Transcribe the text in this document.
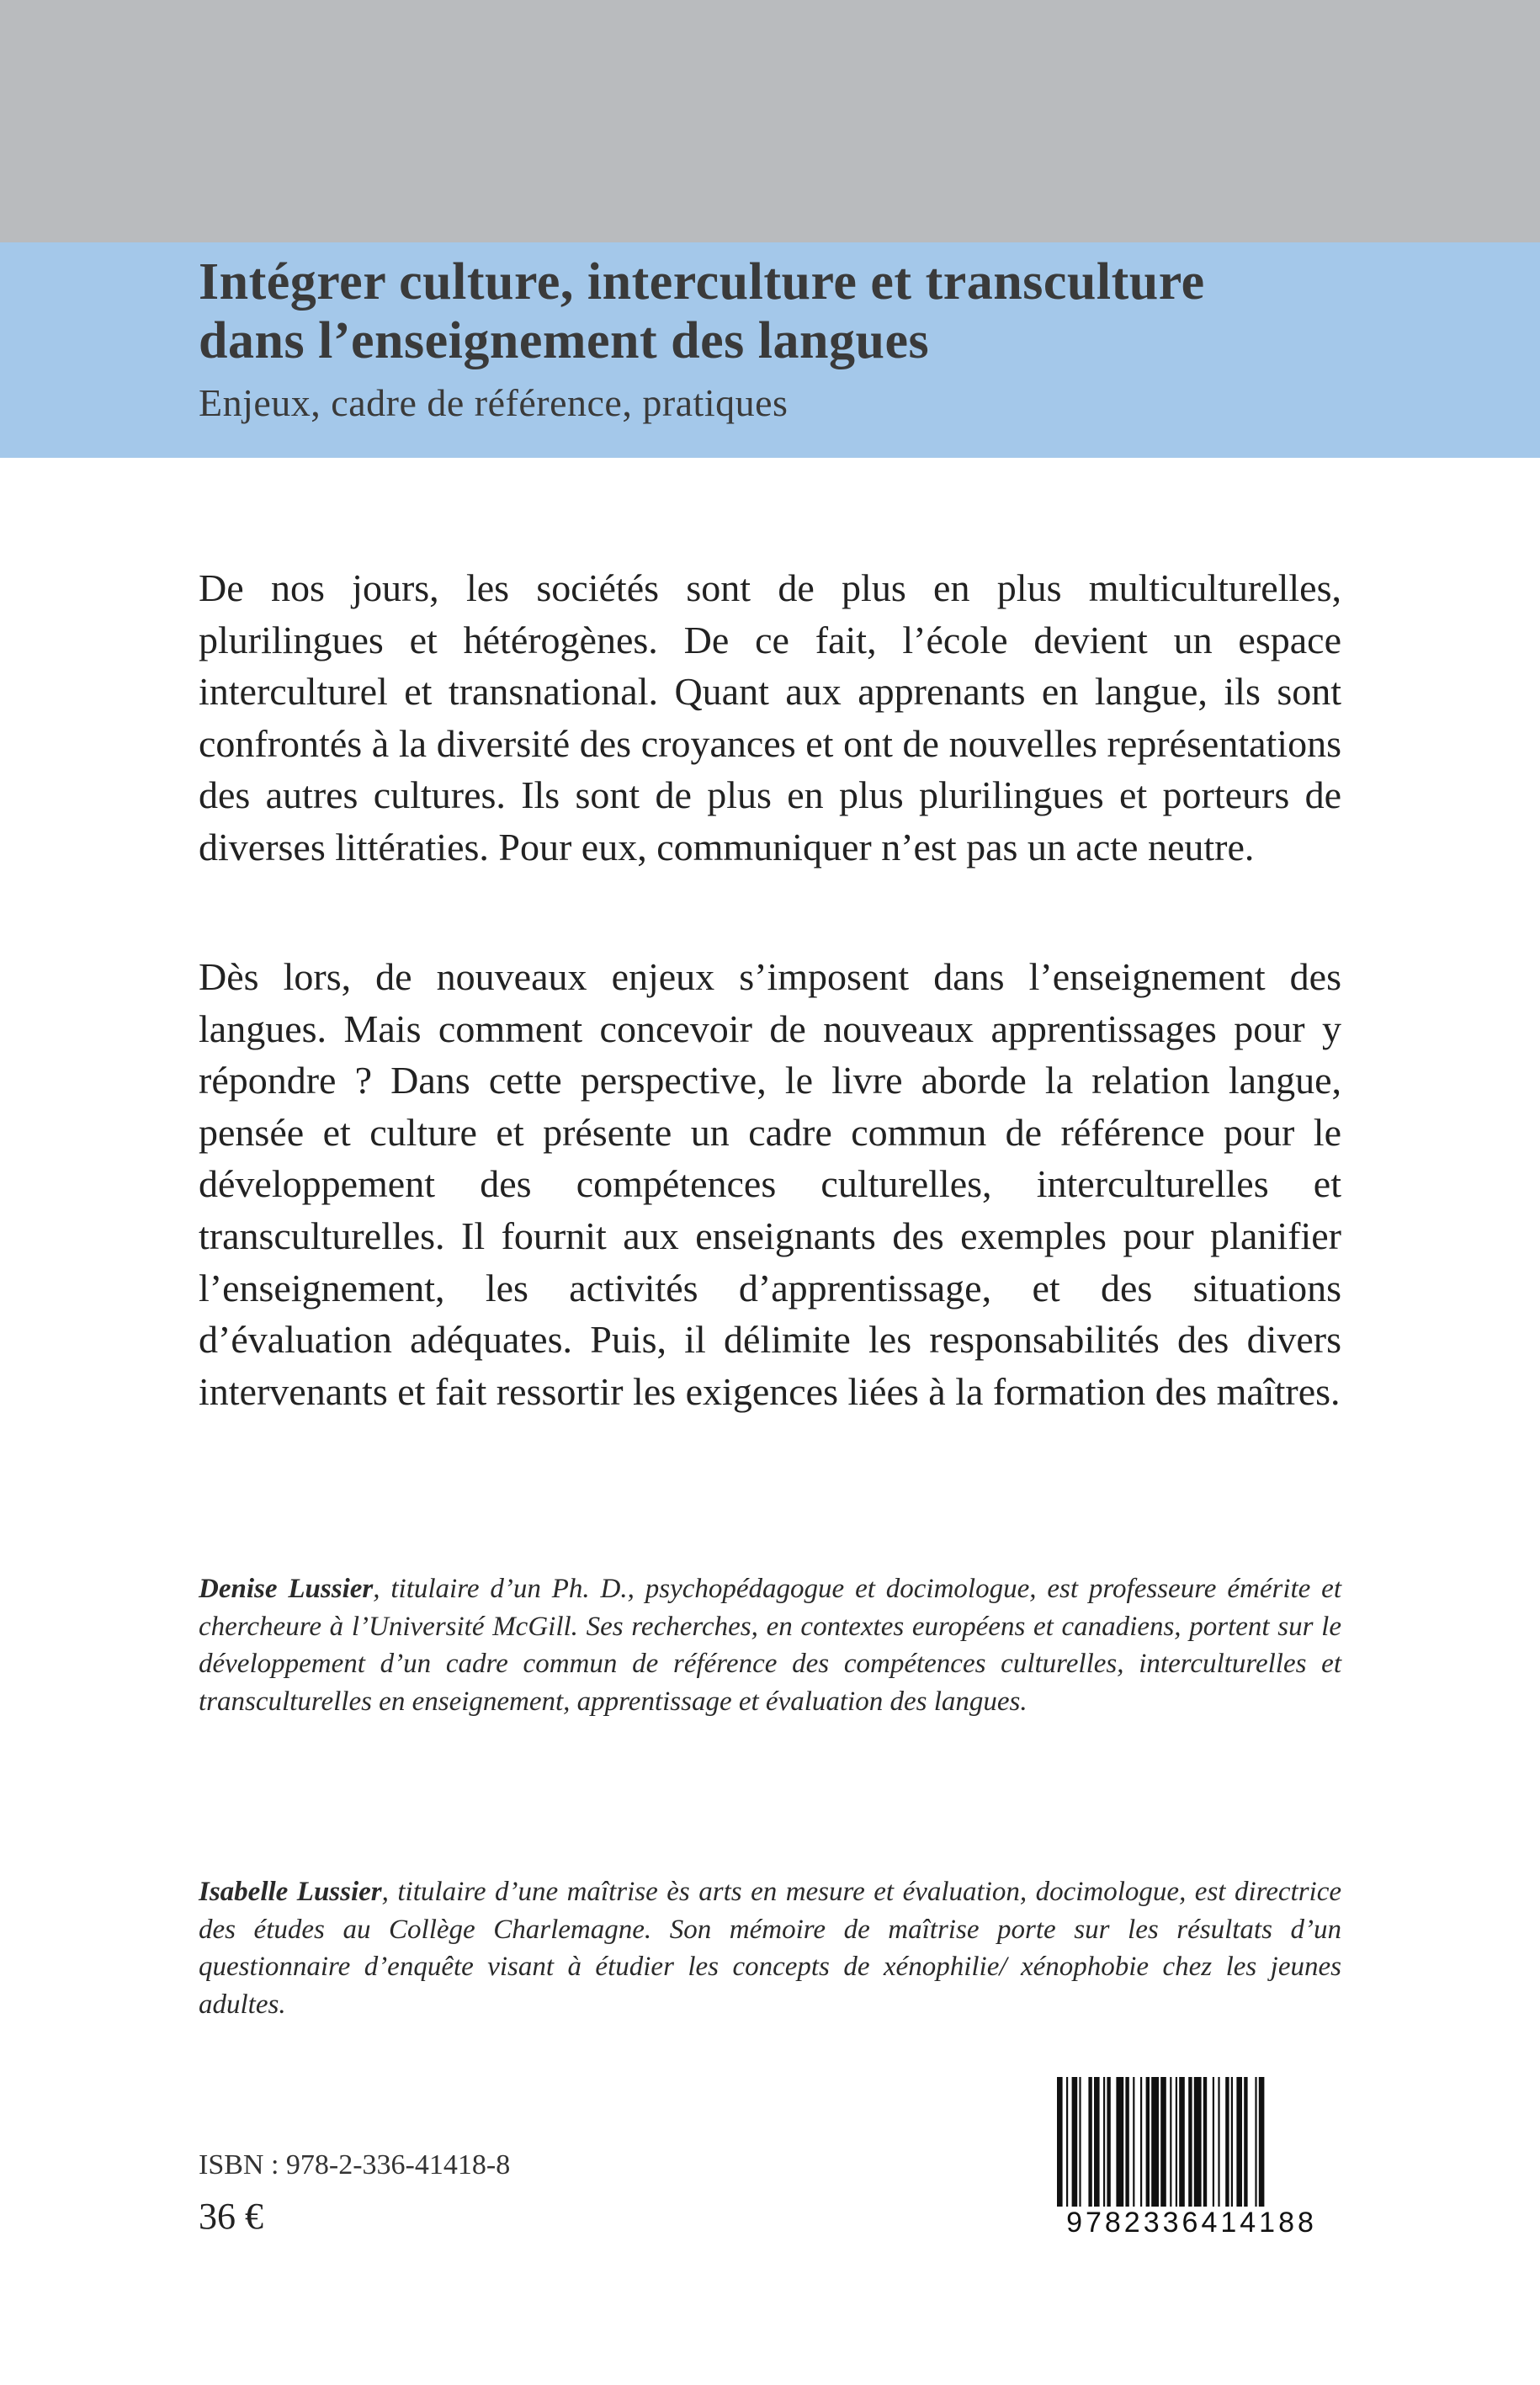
Intégrer culture, interculture et transculture
dans l’enseignement des langues
Enjeux, cadre de référence, pratiques
De nos jours, les sociétés sont de plus en plus multiculturelles, plurilingues et hétérogènes. De ce fait, l’école devient un espace interculturel et transnational. Quant aux apprenants en langue, ils sont confrontés à la diversité des croyances et ont de nouvelles représentations des autres cultures. Ils sont de plus en plus plurilingues et porteurs de diverses littératies. Pour eux, communiquer n’est pas un acte neutre.
Dès lors, de nouveaux enjeux s’imposent dans l’enseignement des langues. Mais comment concevoir de nouveaux apprentissages pour y répondre ? Dans cette perspective, le livre aborde la relation langue, pensée et culture et présente un cadre commun de référence pour le développement des compétences culturelles, interculturelles et transculturelles. Il fournit aux enseignants des exemples pour planifier l’enseignement, les activités d’apprentissage, et des situations d’évaluation adéquates. Puis, il délimite les responsabilités des divers intervenants et fait ressortir les exigences liées à la formation des maîtres.
Denise Lussier, titulaire d’un Ph. D., psychopédagogue et docimologue, est professeure émérite et chercheure à l’Université McGill. Ses recherches, en contextes européens et canadiens, portent sur le développement d’un cadre commun de référence des compétences culturelles, interculturelles et transculturelles en enseignement, apprentissage et évaluation des langues.
Isabelle Lussier, titulaire d’une maîtrise ès arts en mesure et évaluation, docimologue, est directrice des études au Collège Charlemagne. Son mémoire de maîtrise porte sur les résultats d’un questionnaire d’enquête visant à étudier les concepts de xénophilie/ xénophobie chez les jeunes adultes.
ISBN : 978-2-336-41418-8
36 €	9782336414188
